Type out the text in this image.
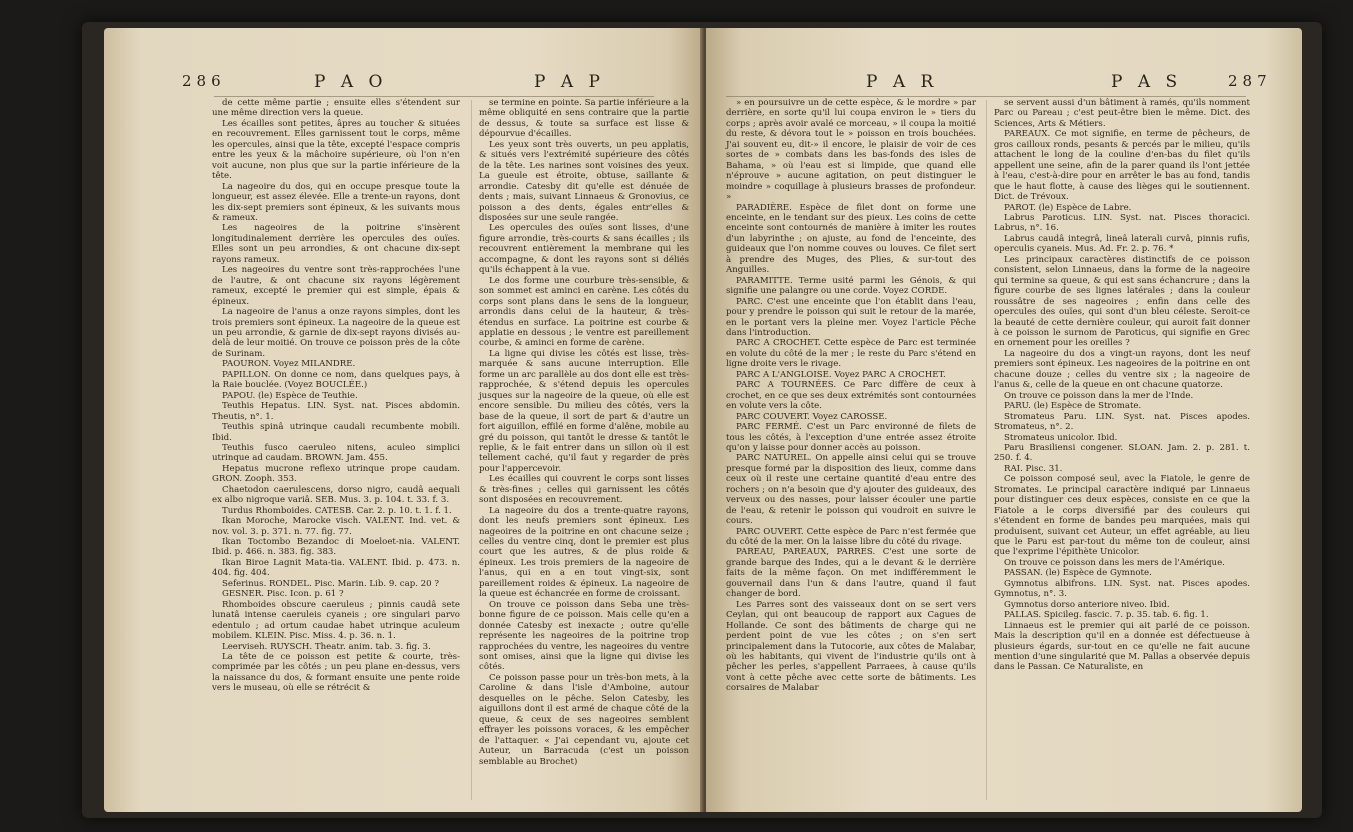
286	P A O	P A P

de cette même partie ; ensuite elles s'étendent sur une même direction vers la queue.

Les écailles sont petites, âpres au toucher & situées en recouvrement. Elles garnissent tout le corps, même les opercules, ainsi que la tête, excepté l'espace compris entre les yeux & la mâchoire supérieure, où l'on n'en voit aucune, non plus que sur la partie inférieure de la tête.

La nageoire du dos, qui en occupe presque toute la longueur, est assez élevée. Elle a trente-un rayons, dont les dix-sept premiers sont épineux, & les suivants mous & rameux.

Les nageoires de la poitrine s'insèrent longitudinalement derrière les opercules des ouïes. Elles sont un peu arrondies, & ont chacune dix-sept rayons rameux.

Les nageoires du ventre sont très-rapprochées l'une de l'autre, & ont chacune six rayons légèrement rameux, excepté le premier qui est simple, épais & épineux.

La nageoire de l'anus a onze rayons simples, dont les trois premiers sont épineux. La nageoire de la queue est un peu arrondie, & garnie de dix-sept rayons divisés au-delà de leur moitié. On trouve ce poisson près de la côte de Surinam.

PAOURON. Voyez MILANDRE.

PAPILLON. On donne ce nom, dans quelques pays, à la Raie bouclée. (Voyez BOUCLÉE.)

PAPOU. (le) Espèce de Teuthie.

Teuthis Hepatus. LIN. Syst. nat. Pisces abdomin. Theutis, n°. 1.

Teuthis spinâ utrinque caudali recumbente mobili. Ibid.

Teuthis fusco caeruleo nitens, aculeo simplici utrinque ad caudam. BROWN. Jam. 455.

Hepatus mucrone reflexo utrinque prope caudam. GRON. Zooph. 353.

Chaetodon caerulescens, dorso nigro, caudâ aequali ex albo nigroque variâ. SEB. Mus. 3. p. 104. t. 33. f. 3.

Turdus Rhomboides. CATESB. Car. 2. p. 10. t. 1. f. 1.

Ikan Moroche, Marocke visch. VALENT. Ind. vet. & nov. vol. 3. p. 371. n. 77. fig. 77.

Ikan Toctombo Bezandoc di Moeloet-nia. VALENT. Ibid. p. 466. n. 383. fig. 383.

Ikan Biroe Lagnit Mata-tia. VALENT. Ibid. p. 473. n. 404. fig. 404.

Seferinus. RONDEL. Pisc. Marin. Lib. 9. cap. 20 ?

GESNER. Pisc. Icon. p. 61 ?

Rhomboides obscure caeruleus ; pinnis caudâ sete lunatâ intense caeruleis cyaneis ; ore singulari parvo edentulo ; ad ortum caudae habet utrinque aculeum mobilem. KLEIN. Pisc. Miss. 4. p. 36. n. 1.

Leerviseh. RUYSCH. Theatr. anim. tab. 3. fig. 3.

La tête de ce poisson est petite & courte, très-comprimée par les côtés ; un peu plane en-dessus, vers la naissance du dos, & formant ensuite une pente roide vers le museau, où elle se rétrécit &

se termine en pointe. Sa partie inférieure a la même obliquité en sens contraire que la partie de dessus, & toute sa surface est lisse & dépourvue d'écailles.

Les yeux sont très ouverts, un peu applatis, & situés vers l'extrémité supérieure des côtés de la tête. Les narines sont voisines des yeux. La gueule est étroite, obtuse, saillante & arrondie. Catesby dit qu'elle est dénuée de dents ; mais, suivant Linnaeus & Gronovius, ce poisson a des dents, égales entr'elles & disposées sur une seule rangée.

Les opercules des ouïes sont lisses, d'une figure arrondie, très-courts & sans écailles ; ils recouvrent entièrement la membrane qui les accompagne, & dont les rayons sont si déliés qu'ils échappent à la vue.

Le dos forme une courbure très-sensible, & son sommet est aminci en carène. Les côtés du corps sont plans dans le sens de la longueur, arrondis dans celui de la hauteur, & très-étendus en surface. La poitrine est courbe & applatie en dessous ; le ventre est pareillement courbe, & aminci en forme de carène.

La ligne qui divise les côtés est lisse, très-marquée & sans aucune interruption. Elle forme un arc parallèle au dos dont elle est très-rapprochée, & s'étend depuis les opercules jusques sur la nageoire de la queue, où elle est encore sensible. Du milieu des côtés, vers la base de la queue, il sort de part & d'autre un fort aiguillon, effilé en forme d'alêne, mobile au gré du poisson, qui tantôt le dresse & tantôt le replie, & le fait entrer dans un sillon où il est tellement caché, qu'il faut y regarder de près pour l'appercevoir.

Les écailles qui couvrent le corps sont lisses & très-fines ; celles qui garnissent les côtés sont disposées en recouvrement.

La nageoire du dos a trente-quatre rayons, dont les neufs premiers sont épineux. Les nageoires de la poitrine en ont chacune seize ; celles du ventre cinq, dont le premier est plus court que les autres, & de plus roide & épineux. Les trois premiers de la nageoire de l'anus, qui en a en tout vingt-six, sont pareillement roides & épineux. La nageoire de la queue est échancrée en forme de croissant.

On trouve ce poisson dans Seba une très-bonne figure de ce poisson. Mais celle qu'en a donnée Catesby est inexacte ; outre qu'elle représente les nageoires de la poitrine trop rapprochées du ventre, les nageoires du ventre sont omises, ainsi que la ligne qui divise les côtés.

Ce poisson passe pour un très-bon mets, à la Caroline & dans l'isle d'Amboine, autour desquelles on le pêche. Selon Catesby, les aiguillons dont il est armé de chaque côté de la queue, & ceux de ses nageoires semblent effrayer les poissons voraces, & les empêcher de l'attaquer. « J'ai cependant vu, ajoute cet Auteur, un Barracuda (c'est un poisson semblable au Brochet)

P A R	P A S	287

» en poursuivre un de cette espèce, & le mordre » par derrière, en sorte qu'il lui coupa environ le » tiers du corps ; après avoir avalé ce morceau, » il coupa la moitié du reste, & dévora tout le » poisson en trois bouchées. J'ai souvent eu, dit-» il encore, le plaisir de voir de ces sortes de » combats dans les bas-fonds des isles de Bahama, » où l'eau est si limpide, que quand elle n'éprouve » aucune agitation, on peut distinguer le moindre » coquillage à plusieurs brasses de profondeur. »

PARADIÈRE. Espèce de filet dont on forme une enceinte, en le tendant sur des pieux. Les coins de cette enceinte sont contournés de manière à imiter les routes d'un labyrinthe ; on ajuste, au fond de l'enceinte, des guideaux que l'on nomme couves ou louves. Ce filet sert à prendre des Muges, des Plies, & sur-tout des Anguilles.

PARAMITTE. Terme usité parmi les Génois, & qui signifie une palangre ou une corde. Voyez CORDE.

PARC. C'est une enceinte que l'on établit dans l'eau, pour y prendre le poisson qui suit le retour de la marée, en le portant vers la pleine mer. Voyez l'article Pêche dans l'introduction.

PARC A CROCHET. Cette espèce de Parc est terminée en volute du côté de la mer ; le reste du Parc s'étend en ligne droite vers le rivage.

PARC A L'ANGLOISE. Voyez PARC A CROCHET.

PARC A TOURNÉES. Ce Parc diffère de ceux à crochet, en ce que ses deux extrémités sont contournées en volute vers la côte.

PARC COUVERT. Voyez CAROSSE.

PARC FERMÉ. C'est un Parc environné de filets de tous les côtés, à l'exception d'une entrée assez étroite qu'on y laisse pour donner accès au poisson.

PARC NATUREL. On appelle ainsi celui qui se trouve presque formé par la disposition des lieux, comme dans ceux où il reste une certaine quantité d'eau entre des rochers ; on n'a besoin que d'y ajouter des guideaux, des verveux ou des nasses, pour laisser écouler une partie de l'eau, & retenir le poisson qui voudroit en suivre le cours.

PARC OUVERT. Cette espèce de Parc n'est fermée que du côté de la mer. On la laisse libre du côté du rivage.

PAREAU, PAREAUX, PARRES. C'est une sorte de grande barque des Indes, qui a le devant & le derrière faits de la même façon. On met indifféremment le gouvernail dans l'un & dans l'autre, quand il faut changer de bord.

Les Parres sont des vaisseaux dont on se sert vers Ceylan, qui ont beaucoup de rapport aux Cagues de Hollande. Ce sont des bâtiments de charge qui ne perdent point de vue les côtes ; on s'en sert principalement dans la Tutocorie, aux côtes de Malabar, où les habitants, qui vivent de l'industrie qu'ils ont à pêcher les perles, s'appellent Parraees, à cause qu'ils vont à cette pêche avec cette sorte de bâtiments. Les corsaires de Malabar

se servent aussi d'un bâtiment à ramés, qu'ils nomment Parc ou Pareau ; c'est peut-être bien le même. Dict. des Sciences, Arts & Métiers.

PAREAUX. Ce mot signifie, en terme de pêcheurs, de gros cailloux ronds, pesants & percés par le milieu, qu'ils attachent le long de la couline d'en-bas du filet qu'ils appellent une seine, afin de la parer quand ils l'ont jettée à l'eau, c'est-à-dire pour en arrêter le bas au fond, tandis que le haut flotte, à cause des lièges qui le soutiennent. Dict. de Trévoux.

PAROT. (le) Espèce de Labre.

Labrus Paroticus. LIN. Syst. nat. Pisces thoracici. Labrus, n°. 16.

Labrus caudâ integrâ, lineâ laterali curvâ, pinnis rufis, operculis cyaneis. Mus. Ad. Fr. 2. p. 76. *

Les principaux caractères distinctifs de ce poisson consistent, selon Linnaeus, dans la forme de la nageoire qui termine sa queue, & qui est sans échancrure ; dans la figure courbe de ses lignes latérales ; dans la couleur roussâtre de ses nageoires ; enfin dans celle des opercules des ouïes, qui sont d'un bleu céleste. Seroit-ce la beauté de cette dernière couleur, qui auroit fait donner à ce poisson le surnom de Paroticus, qui signifie en Grec en ornement pour les oreilles ?

La nageoire du dos a vingt-un rayons, dont les neuf premiers sont épineux. Les nageoires de la poitrine en ont chacune douze ; celles du ventre six ; la nageoire de l'anus &, celle de la queue en ont chacune quatorze.

On trouve ce poisson dans la mer de l'Inde.

PARU. (le) Espèce de Stromate.

Stromateus Paru. LIN. Syst. nat. Pisces apodes. Stromateus, n°. 2.

Stromateus unicolor. Ibid.

Paru Brasiliensi congener. SLOAN. Jam. 2. p. 281. t. 250. f. 4.

RAI. Pisc. 31.

Ce poisson composé seul, avec la Fiatole, le genre de Stromates. Le principal caractère indiqué par Linnaeus pour distinguer ces deux espèces, consiste en ce que la Fiatole a le corps diversifié par des couleurs qui s'étendent en forme de bandes peu marquées, mais qui produisent, suivant cet Auteur, un effet agréable, au lieu que le Paru est par-tout du même ton de couleur, ainsi que l'exprime l'épithète Unicolor.

On trouve ce poisson dans les mers de l'Amérique.

PASSAN. (le) Espèce de Gymnote.

Gymnotus albifrons. LIN. Syst. nat. Pisces apodes. Gymnotus, n°. 3.

Gymnotus dorso anteriore niveo. Ibid.

PALLAS. Spicileg. fascic. 7. p. 35. tab. 6. fig. 1.

Linnaeus est le premier qui ait parlé de ce poisson. Mais la description qu'il en a donnée est défectueuse à plusieurs égards, sur-tout en ce qu'elle ne fait aucune mention d'une singularité que M. Pallas a observée depuis dans le Passan. Ce Naturaliste, en
